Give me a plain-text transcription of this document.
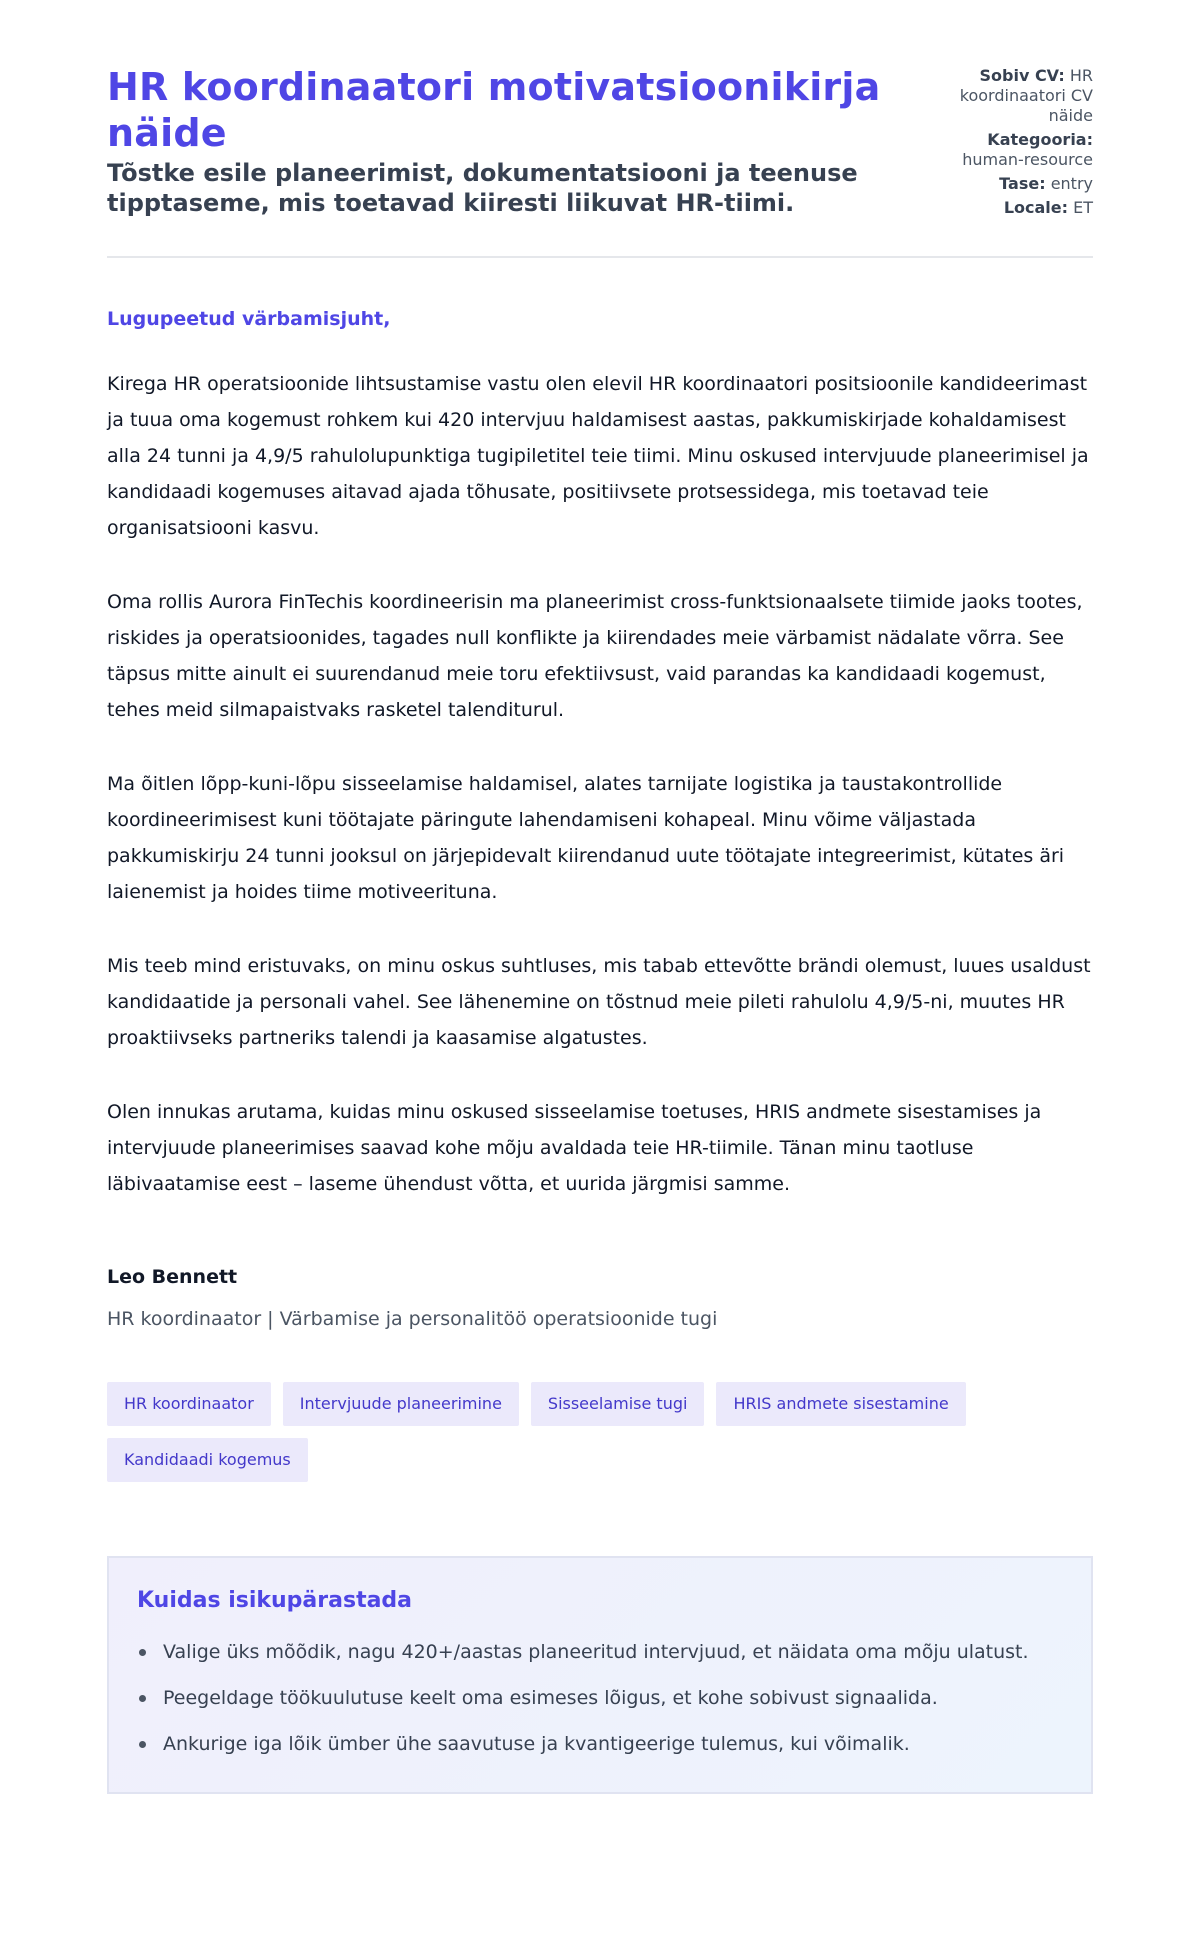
HR koordinaatori motivatsioonikirja näide
Tõstke esile planeerimist, dokumentatsiooni ja teenuse tipptaseme, mis toetavad kiiresti liikuvat HR-tiimi.
Sobiv CV: HR koordinaatori CV näide
Kategooria: human-resource
Tase: entry
Locale: ET

Lugupeetud värbamisjuht,

Kirega HR operatsioonide lihtsustamise vastu olen elevil HR koordinaatori positsioonile kandideerimast ja tuua oma kogemust rohkem kui 420 intervjuu haldamisest aastas, pakkumiskirjade kohaldamisest alla 24 tunni ja 4,9/5 rahulolupunktiga tugipiletitel teie tiimi. Minu oskused intervjuude planeerimisel ja kandidaadi kogemuses aitavad ajada tõhusate, positiivsete protsessidega, mis toetavad teie organisatsiooni kasvu.

Oma rollis Aurora FinTechis koordineerisin ma planeerimist cross-funktsionaalsete tiimide jaoks tootes, riskides ja operatsioonides, tagades null konflikte ja kiirendades meie värbamist nädalate võrra. See täpsus mitte ainult ei suurendanud meie toru efektiivsust, vaid parandas ka kandidaadi kogemust, tehes meid silmapaistvaks rasketel talenditurul.

Ma õitlen lõpp-kuni-lõpu sisseelamise haldamisel, alates tarnijate logistika ja taustakontrollide koordineerimisest kuni töötajate päringute lahendamiseni kohapeal. Minu võime väljastada pakkumiskirju 24 tunni jooksul on järjepidevalt kiirendanud uute töötajate integreerimist, kütates äri laienemist ja hoides tiime motiveerituna.

Mis teeb mind eristuvaks, on minu oskus suhtluses, mis tabab ettevõtte brändi olemust, luues usaldust kandidaatide ja personali vahel. See lähenemine on tõstnud meie pileti rahulolu 4,9/5-ni, muutes HR proaktiivseks partneriks talendi ja kaasamise algatustes.

Olen innukas arutama, kuidas minu oskused sisseelamise toetuses, HRIS andmete sisestamises ja intervjuude planeerimises saavad kohe mõju avaldada teie HR-tiimile. Tänan minu taotluse läbivaatamise eest – laseme ühendust võtta, et uurida järgmisi samme.

Leo Bennett
HR koordinaator | Värbamise ja personalitöö operatsioonide tugi
HR koordinaator	Intervjuude planeerimine	Sisseelamise tugi	HRIS andmete sisestamine
Kandidaadi kogemus
Kuidas isikupärastada
Valige üks mõõdik, nagu 420+/aastas planeeritud intervjuud, et näidata oma mõju ulatust.
Peegeldage töökuulutuse keelt oma esimeses lõigus, et kohe sobivust signaalida.
Ankurige iga lõik ümber ühe saavutuse ja kvantigeerige tulemus, kui võimalik.
